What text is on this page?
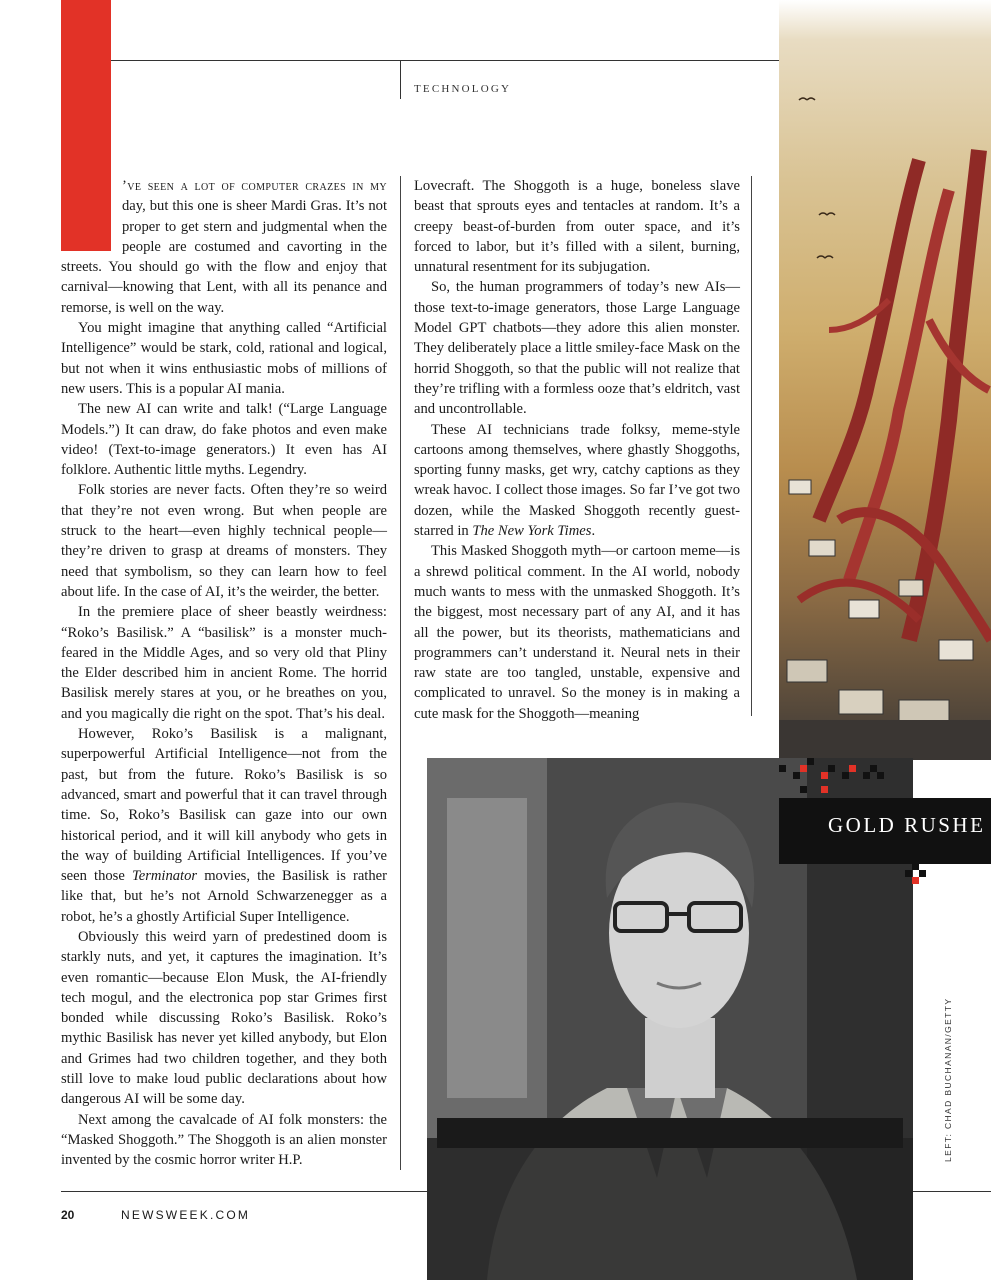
TECHNOLOGY

’ve seen a lot of computer crazes in my day, but this one is sheer Mardi Gras. It’s not proper to get stern and judgmental when the people are costumed and cavorting in the streets. You should go with the flow and enjoy that carnival—knowing that Lent, with all its penance and remorse, is well on the way.

You might imagine that anything called “Artificial Intelligence” would be stark, cold, rational and logical, but not when it wins enthusiastic mobs of millions of new users. This is a popular AI mania.

The new AI can write and talk! (“Large Language Models.”) It can draw, do fake photos and even make video! (Text-to-image generators.) It even has AI folklore. Authentic little myths. Legendry.

Folk stories are never facts. Often they’re so weird that they’re not even wrong. But when people are struck to the heart—even highly technical people—they’re driven to grasp at dreams of monsters. They need that symbolism, so they can learn how to feel about life. In the case of AI, it’s the weirder, the better.

In the premiere place of sheer beastly weirdness: “Roko’s Basilisk.” A “basilisk” is a monster much-feared in the Middle Ages, and so very old that Pliny the Elder described him in ancient Rome. The horrid Basilisk merely stares at you, or he breathes on you, and you magically die right on the spot. That’s his deal.

However, Roko’s Basilisk is a malignant, superpowerful Artificial Intelligence—not from the past, but from the future. Roko’s Basilisk is so advanced, smart and powerful that it can travel through time. So, Roko’s Basilisk can gaze into our own historical period, and it will kill anybody who gets in the way of building Artificial Intelligences. If you’ve seen those Terminator movies, the Basilisk is rather like that, but he’s not Arnold Schwarzenegger as a robot, he’s a ghostly Artificial Super Intelligence.

Obviously this weird yarn of predestined doom is starkly nuts, and yet, it captures the imagination. It’s even romantic—because Elon Musk, the AI-friendly tech mogul, and the electronica pop star Grimes first bonded while discussing Roko’s Basilisk. Roko’s mythic Basilisk has never yet killed anybody, but Elon and Grimes had two children together, and they both still love to make loud public declarations about how dangerous AI will be some day.

Next among the cavalcade of AI folk monsters: the “Masked Shoggoth.” The Shoggoth is an alien monster invented by the cosmic horror writer H.P.

Lovecraft. The Shoggoth is a huge, boneless slave beast that sprouts eyes and tentacles at random. It’s a creepy beast-of-burden from outer space, and it’s forced to labor, but it’s filled with a silent, burning, unnatural resentment for its subjugation.

So, the human programmers of today’s new AIs—those text-to-image generators, those Large Language Model GPT chatbots—they adore this alien monster. They deliberately place a little smiley-face Mask on the horrid Shoggoth, so that the public will not realize that they’re trifling with a formless ooze that’s eldritch, vast and uncontrollable.

These AI technicians trade folksy, meme-style cartoons among themselves, where ghastly Shoggoths, sporting funny masks, get wry, catchy captions as they wreak havoc. I collect those images. So far I’ve got two dozen, while the Masked Shoggoth recently guest-starred in The New York Times.

This Masked Shoggoth myth—or cartoon meme—is a shrewd political comment. In the AI world, nobody much wants to mess with the unmasked Shoggoth. It’s the biggest, most necessary part of any AI, and it has all the power, but its theorists, mathematicians and programmers can’t understand it. Neural nets in their raw state are too tangled, unstable, expensive and complicated to unravel. So the money is in making a cute mask for the Shoggoth—meaning

GOLD RUSHE
LEFT: CHAD BUCHANAN/GETTY
20	NEWSWEEK.COM
